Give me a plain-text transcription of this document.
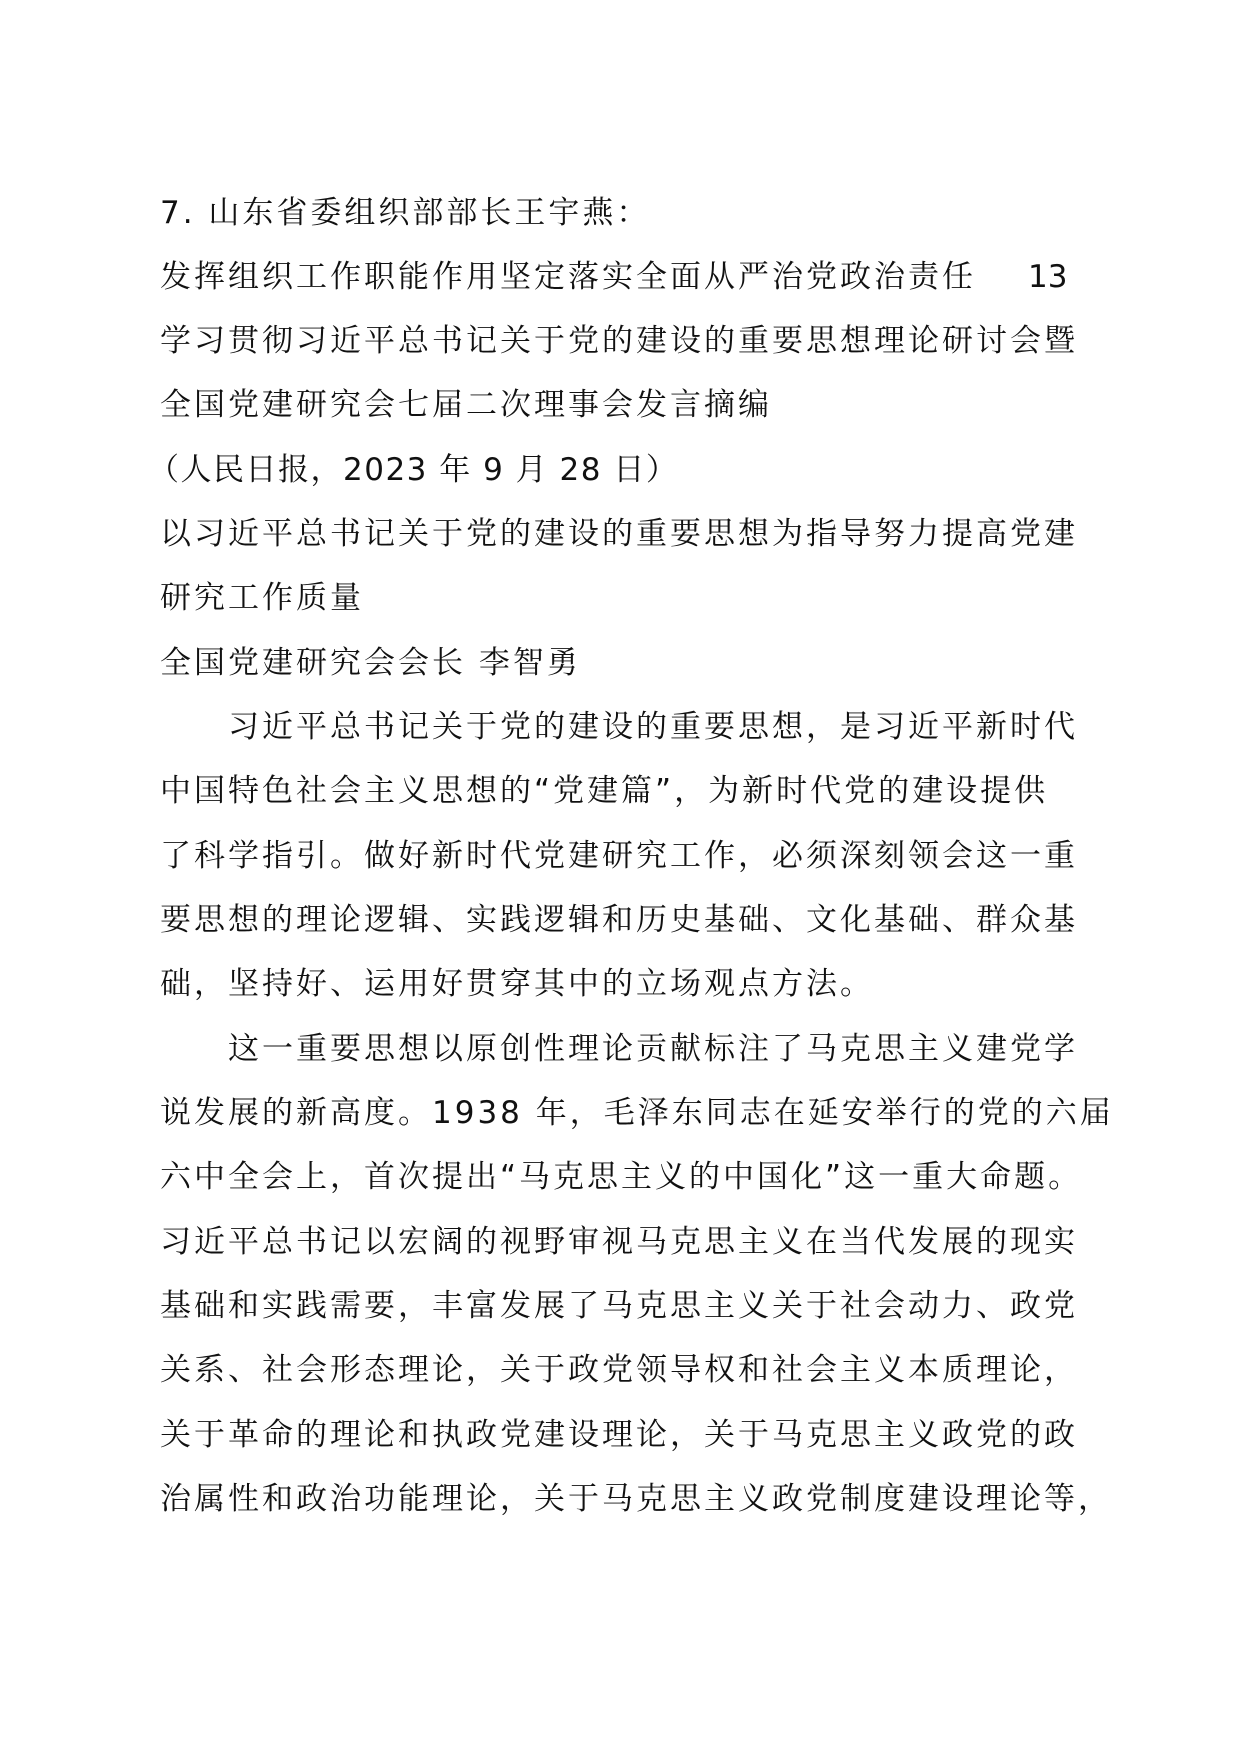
7. 山东省委组织部部长王宇燕：
发挥组织工作职能作用坚定落实全面从严治党政治责任 13
学习贯彻习近平总书记关于党的建设的重要思想理论研讨会暨
全国党建研究会七届二次理事会发言摘编
（人民日报，2023 年 9 月 28 日）
以习近平总书记关于党的建设的重要思想为指导努力提高党建
研究工作质量
全国党建研究会会长 李智勇
习近平总书记关于党的建设的重要思想，是习近平新时代
中国特色社会主义思想的“党建篇”，为新时代党的建设提供
了科学指引。做好新时代党建研究工作，必须深刻领会这一重
要思想的理论逻辑、实践逻辑和历史基础、文化基础、群众基
础，坚持好、运用好贯穿其中的立场观点方法。
这一重要思想以原创性理论贡献标注了马克思主义建党学
说发展的新高度。1938 年，毛泽东同志在延安举行的党的六届
六中全会上，首次提出“马克思主义的中国化”这一重大命题。
习近平总书记以宏阔的视野审视马克思主义在当代发展的现实
基础和实践需要，丰富发展了马克思主义关于社会动力、政党
关系、社会形态理论，关于政党领导权和社会主义本质理论，
关于革命的理论和执政党建设理论，关于马克思主义政党的政
治属性和政治功能理论，关于马克思主义政党制度建设理论等，
